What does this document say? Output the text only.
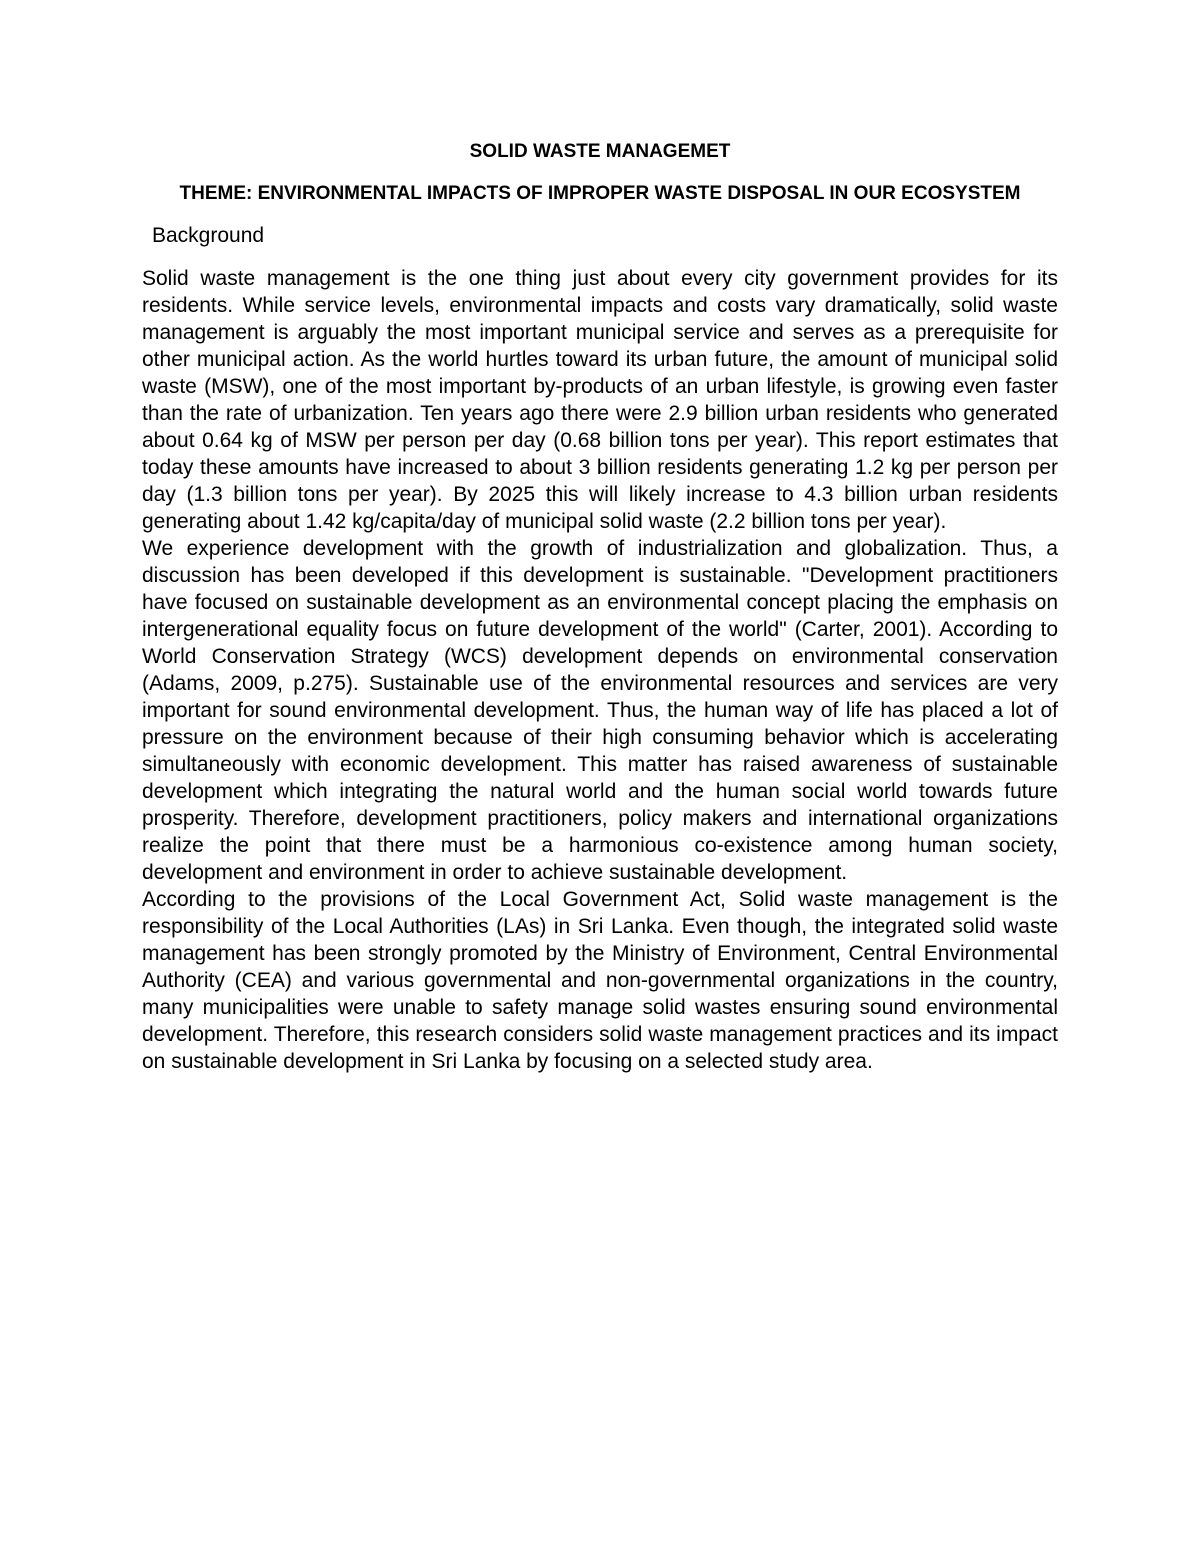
SOLID WASTE MANAGEMET
THEME: ENVIRONMENTAL IMPACTS OF IMPROPER WASTE DISPOSAL IN OUR ECOSYSTEM
Background

Solid waste management is the one thing just about every city government provides for its residents. While service levels, environmental impacts and costs vary dramatically, solid waste management is arguably the most important municipal service and serves as a prerequisite for other municipal action. As the world hurtles toward its urban future, the amount of municipal solid waste (MSW), one of the most important by-products of an urban lifestyle, is growing even faster than the rate of urbanization. Ten years ago there were 2.9 billion urban residents who generated about 0.64 kg of MSW per person per day (0.68 billion tons per year). This report estimates that today these amounts have increased to about 3 billion residents generating 1.2 kg per person per day (1.3 billion tons per year). By 2025 this will likely increase to 4.3 billion urban residents generating about 1.42 kg/capita/day of municipal solid waste (2.2 billion tons per year).

We experience development with the growth of industrialization and globalization. Thus, a discussion has been developed if this development is sustainable. "Development practitioners have focused on sustainable development as an environmental concept placing the emphasis on intergenerational equality focus on future development of the world" (Carter, 2001). According to World Conservation Strategy (WCS) development depends on environmental conservation (Adams, 2009, p.275). Sustainable use of the environmental resources and services are very important for sound environmental development. Thus, the human way of life has placed a lot of pressure on the environment because of their high consuming behavior which is accelerating simultaneously with economic development. This matter has raised awareness of sustainable development which integrating the natural world and the human social world towards future prosperity. Therefore, development practitioners, policy makers and international organizations realize the point that there must be a harmonious co-existence among human society, development and environment in order to achieve sustainable development.

According to the provisions of the Local Government Act, Solid waste management is the responsibility of the Local Authorities (LAs) in Sri Lanka. Even though, the integrated solid waste management has been strongly promoted by the Ministry of Environment, Central Environmental Authority (CEA) and various governmental and non-governmental organizations in the country, many municipalities were unable to safety manage solid wastes ensuring sound environmental development. Therefore, this research considers solid waste management practices and its impact on sustainable development in Sri Lanka by focusing on a selected study area.
